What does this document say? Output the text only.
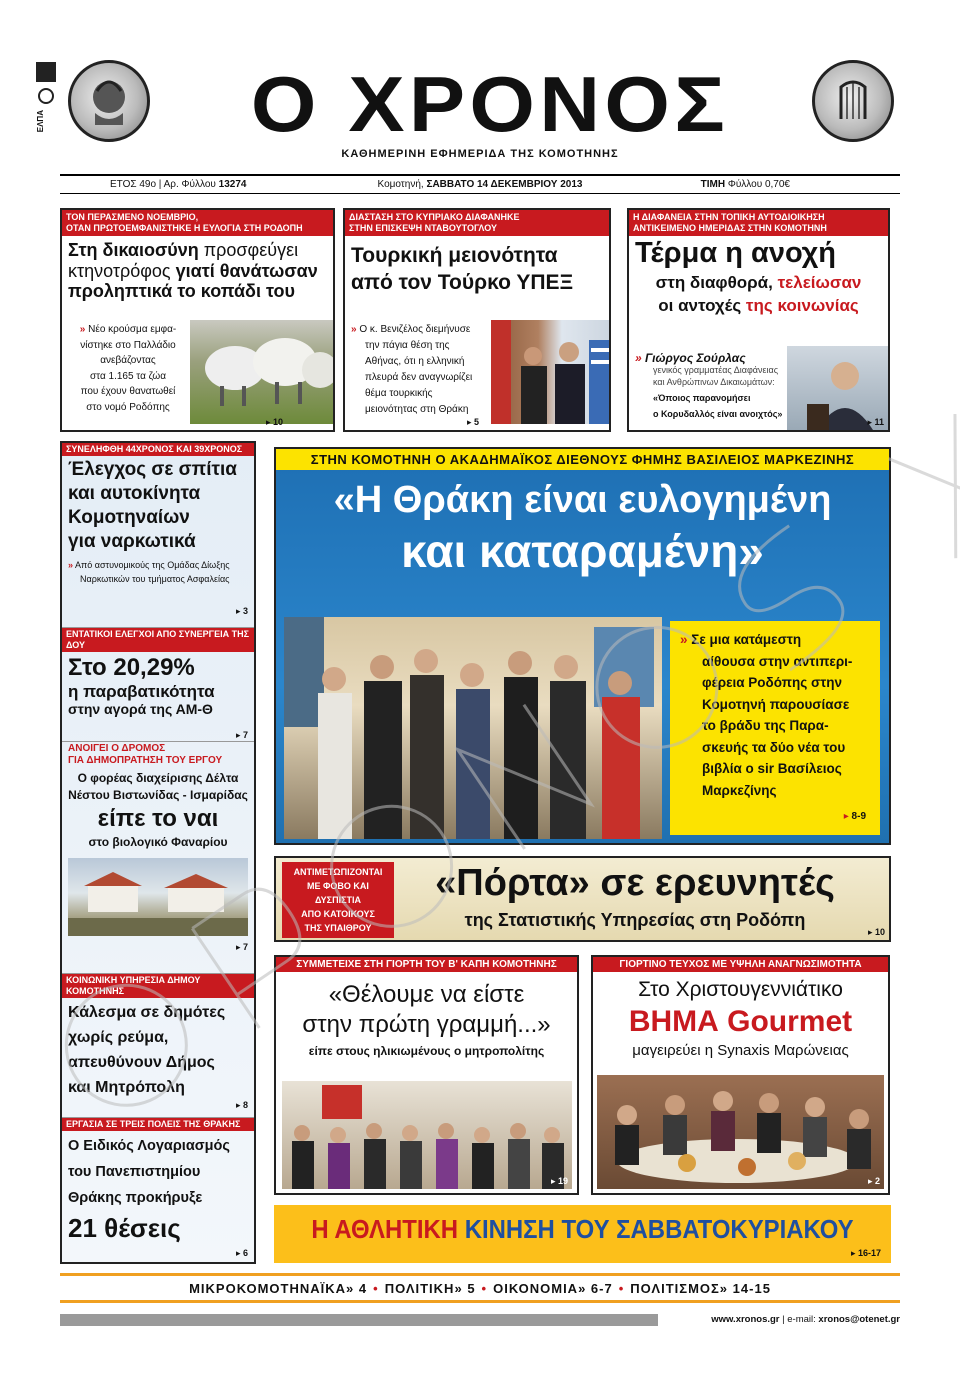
ΕΛΠΑ	Ο ΧΡΟΝΟΣ
ΚΑΘΗΜΕΡΙΝΗ ΕΦΗΜΕΡΙΔΑ ΤΗΣ ΚΟΜΟΤΗΝΗΣ
ΕΤΟΣ 49ο | Αρ. Φύλλου 13274	Κομοτηνή, ΣΑΒΒΑΤΟ 14 ΔΕΚΕΜΒΡΙΟΥ 2013	ΤΙΜΗ Φύλλου 0,70€
ΤΟΝ ΠΕΡΑΣΜΕΝΟ ΝΟΕΜΒΡΙΟ,
ΟΤΑΝ ΠΡΩΤΟΕΜΦΑΝΙΣΤΗΚΕ Η ΕΥΛΟΓΙΑ ΣΤΗ ΡΟΔΟΠΗ
Στη δικαιοσύνη προσφεύγει
κτηνοτρόφος γιατί θανάτωσαν
προληπτικά το κοπάδι του
» Νέο κρούσμα εμφα-
νίστηκε στο Παλλάδιο
ανεβάζοντας
στα 1.165 τα ζώα
που έχουν θανατωθεί
στο νομό Ροδόπης
▸ 10
ΔΙΑΣΤΑΣΗ ΣΤΟ ΚΥΠΡΙΑΚΟ ΔΙΑΦΑΝΗΚΕ
ΣΤΗΝ ΕΠΙΣΚΕΨΗ ΝΤΑΒΟΥΤΟΓΛΟΥ
Τουρκική μειονότητα
από τον Τούρκο ΥΠΕΞ
» Ο κ. Βενιζέλος διεμήνυσε
την πάγια θέση της
Αθήνας, ότι η ελληνική
πλευρά δεν αναγνωρίζει
θέμα τουρκικής
μειονότητας στη Θράκη
▸ 5
Η ΔΙΑΦΑΝΕΙΑ ΣΤΗΝ ΤΟΠΙΚΗ ΑΥΤΟΔΙΟΙΚΗΣΗ
ΑΝΤΙΚΕΙΜΕΝΟ ΗΜΕΡΙΔΑΣ ΣΤΗΝ ΚΟΜΟΤΗΝΗ
Τέρμα η ανοχή
στη διαφθορά, τελείωσαν
οι αντοχές της κοινωνίας
» Γιώργος Σούρλας
γενικός γραμματέας Διαφάνειας
και Ανθρώπινων Δικαιωμάτων:
«Όποιος παρανομήσει
ο Κορυδαλλός είναι ανοιχτός»
▸ 11
ΣΥΝΕΛΗΦΘΗ 44ΧΡΟΝΟΣ ΚΑΙ 39ΧΡΟΝΟΣ
Έλεγχος σε σπίτια
και αυτοκίνητα
Κομοτηναίων
για ναρκωτικά
» Από αστυνομικούς της Ομάδας Δίωξης
Ναρκωτικών του τμήματος Ασφαλείας
▸ 3
ΕΝΤΑΤΙΚΟΙ ΕΛΕΓΧΟΙ ΑΠΟ ΣΥΝΕΡΓΕΙΑ ΤΗΣ ΔΟΥ
Στο 20,29%
η παραβατικότητα
στην αγορά της ΑΜ-Θ
▸ 7
ΑΝΟΙΓΕΙ Ο ΔΡΟΜΟΣ
ΓΙΑ ΔΗΜΟΠΡΑΤΗΣΗ ΤΟΥ ΕΡΓΟΥ
Ο φορέας διαχείρισης Δέλτα
Νέστου Βιστωνίδας - Ισμαρίδας
είπε το ναι
στο βιολογικό Φαναρίου
▸ 7
ΚΟΙΝΩΝΙΚΗ ΥΠΗΡΕΣΙΑ ΔΗΜΟΥ ΚΟΜΟΤΗΝΗΣ
Κάλεσμα σε δημότες
χωρίς ρεύμα,
απευθύνουν Δήμος
και Μητρόπολη
▸ 8
ΕΡΓΑΣΙΑ ΣΕ ΤΡΕΙΣ ΠΟΛΕΙΣ ΤΗΣ ΘΡΑΚΗΣ
Ο Ειδικός Λογαριασμός
του Πανεπιστημίου
Θράκης προκήρυξε
21 θέσεις
▸ 6
ΣΤΗΝ ΚΟΜΟΤΗΝΗ Ο ΑΚΑΔΗΜΑΪΚΟΣ ΔΙΕΘΝΟΥΣ ΦΗΜΗΣ ΒΑΣΙΛΕΙΟΣ ΜΑΡΚΕΖΙΝΗΣ
«Η Θράκη είναι ευλογημένη
και καταραμένη»
» Σε μια κατάμεστη
αίθουσα στην αντιπερι-
φέρεια Ροδόπης στην
Κομοτηνή παρουσίασε
το βράδυ της Παρα-
σκευής τα δύο νέα του
βιβλία ο sir Βασίλειος
Μαρκεζίνης
▸ 8-9
ΑΝΤΙΜΕΤΩΠΙΖΟΝΤΑΙ
ΜΕ ΦΟΒΟ ΚΑΙ
ΔΥΣΠΙΣΤΙΑ
ΑΠΟ ΚΑΤΟΙΚΟΥΣ
ΤΗΣ ΥΠΑΙΘΡΟΥ
«Πόρτα» σε ερευνητές
της Στατιστικής Υπηρεσίας στη Ροδόπη
▸ 10
ΣΥΜΜΕΤΕΙΧΕ ΣΤΗ ΓΙΟΡΤΗ ΤΟΥ Β' ΚΑΠΗ ΚΟΜΟΤΗΝΗΣ
«Θέλουμε να είστε
στην πρώτη γραμμή...»
είπε στους ηλικιωμένους ο μητροπολίτης
▸ 19
ΓΙΟΡΤΙΝΟ ΤΕΥΧΟΣ ΜΕ ΥΨΗΛΗ ΑΝΑΓΝΩΣΙΜΟΤΗΤΑ
Στο Χριστουγεννιάτικο
ΒΗΜΑ Gourmet
μαγειρεύει η Synaxis Μαρώνειας
▸ 2
Η ΑΘΛΗΤΙΚΗ ΚΙΝΗΣΗ ΤΟΥ ΣΑΒΒΑΤΟΚΥΡΙΑΚΟΥ
▸ 16-17
ΜΙΚΡΟΚΟΜΟΤΗΝΑΪΚΑ» 4 • ΠΟΛΙΤΙΚΗ» 5 • ΟΙΚΟΝΟΜΙΑ» 6-7 • ΠΟΛΙΤΙΣΜΟΣ» 14-15
www.xronos.gr | e-mail: xronos@otenet.gr
